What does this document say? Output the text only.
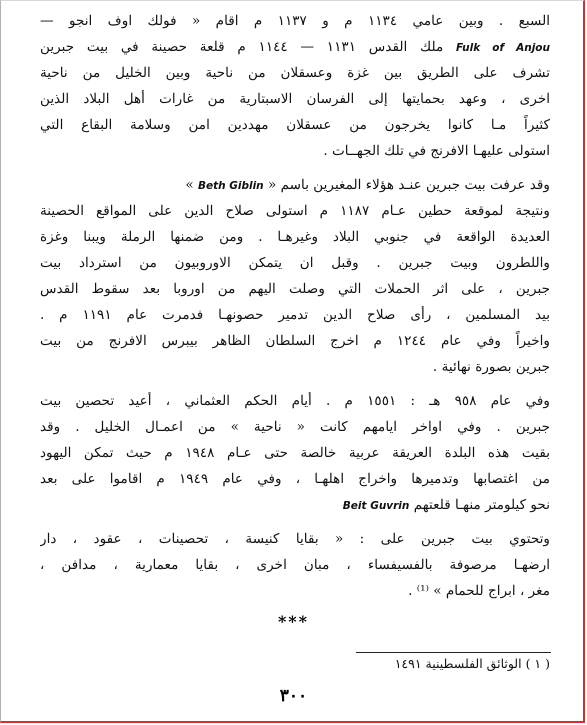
السبع . وبين عامي ١١٣٤ م و ١١٣٧ م اقام « فولك اوف انجو —
Fulk of Anjou ملك القدس ١١٣١ — ١١٤٤ م قلعة حصينة في بيت جبرين
تشرف على الطريق بين غزة وعسقلان من ناحية وبين الخليل من ناحية
اخرى ، وعهد بحمايتها إلى الفرسان الاسبتارية من غارات أهل البلاد الذين
كثيراً مـا كانوا يخرجون من عسقلان مهددين امن وسلامة البقاع التي
استولى عليهـا الافرنج في تلك الجهــات .
وقد عرفت بيت جبرين عنـد هؤلاء المغيرين باسم « Beth Giblin »
ونتيجة لموقعة حطين عـام ١١٨٧ م استولى صلاح الدين على المواقع الحصينة
العديدة الواقعة في جنوبي البلاد وغيرهـا . ومن ضمنها الرملة ويبنا وغزة
واللطرون وبيت جبرين . وقبل ان يتمكن الاوروبيون من استرداد بيت
جبرين ، على اثر الحملات التي وصلت اليهم من اوروبا بعد سقوط القدس
بيد المسلمين ، رأى صلاح الدين تدمير حصونهـا فدمرت عام ١١٩١ م .
واخيراً وفي عام ١٢٤٤ م اخرج السلطان الظاهر بيبرس الافرنج من بيت
جبرين بصورة نهائية .
وفي عام ٩٥٨ هـ : ١٥٥١ م . أيام الحكم العثماني ، أعيد تحصين بيت
جبرين . وفي اواخر ايامهم كانت « ناحية » من اعمـال الخليل . وقد
بقيت هذه البلدة العريقة عربية خالصة حتى عـام ١٩٤٨ م حيث تمكن اليهود
من اغتصابها وتدميرها واخراج اهلهـا ، وفي عام ١٩٤٩ م اقاموا على بعد
نحو كيلومتر منهـا قلعتهم Beit Guvrin
وتحتوي بيت جبرين على : « بقايا كنيسة ، تحصينات ، عقود ، دار
ارضهـا مرصوفة بالفسيفساء ، مبان اخرى ، بقايا معمارية ، مدافن ،
مغر ، ابراج للحمام » ⁽¹⁾ .
***
( ١ ) الوثائق الفلسطينية ١٤٩١
٣٠٠
